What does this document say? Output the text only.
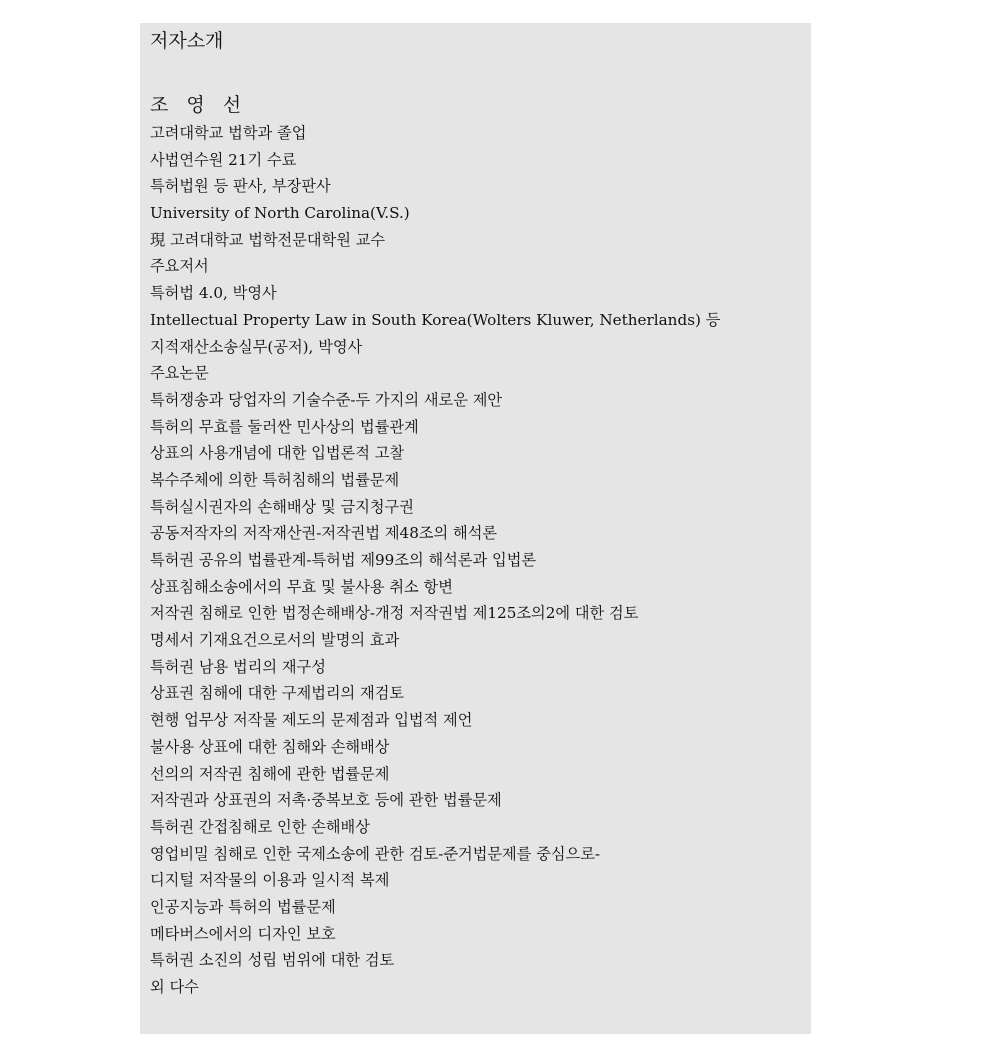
저자소개
조 영 선
고려대학교 법학과 졸업
사법연수원 21기 수료
특허법원 등 판사, 부장판사
University of North Carolina(V.S.)
現 고려대학교 법학전문대학원 교수
주요저서
특허법 4.0, 박영사
Intellectual Property Law in South Korea(Wolters Kluwer, Netherlands) 등
지적재산소송실무(공저), 박영사
주요논문
특허쟁송과 당업자의 기술수준-두 가지의 새로운 제안
특허의 무효를 둘러싼 민사상의 법률관계
상표의 사용개념에 대한 입법론적 고찰
복수주체에 의한 특허침해의 법률문제
특허실시권자의 손해배상 및 금지청구권
공동저작자의 저작재산권-저작권법 제48조의 해석론
특허권 공유의 법률관계-특허법 제99조의 해석론과 입법론
상표침해소송에서의 무효 및 불사용 취소 항변
저작권 침해로 인한 법정손해배상-개정 저작권법 제125조의2에 대한 검토
명세서 기재요건으로서의 발명의 효과
특허권 남용 법리의 재구성
상표권 침해에 대한 구제법리의 재검토
현행 업무상 저작물 제도의 문제점과 입법적 제언
불사용 상표에 대한 침해와 손해배상
선의의 저작권 침해에 관한 법률문제
저작권과 상표권의 저촉·중복보호 등에 관한 법률문제
특허권 간접침해로 인한 손해배상
영업비밀 침해로 인한 국제소송에 관한 검토-준거법문제를 중심으로-
디지털 저작물의 이용과 일시적 복제
인공지능과 특허의 법률문제
메타버스에서의 디자인 보호
특허권 소진의 성립 범위에 대한 검토
외 다수
